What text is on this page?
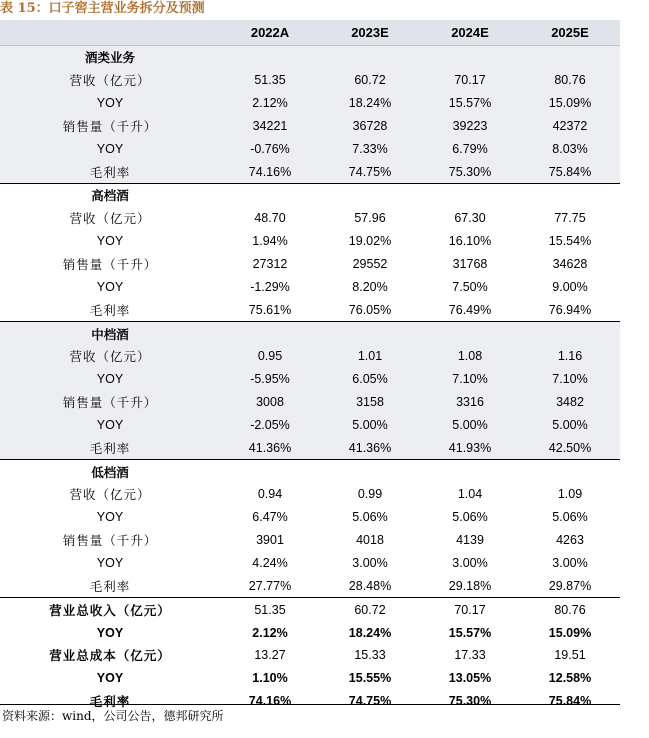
表 15：口子窖主营业务拆分及预测
2022A	2023E	2024E	2025E
酒类业务
营收（亿元）	51.35	60.72	70.17	80.76
YOY	2.12%	18.24%	15.57%	15.09%
销售量（千升）	34221	36728	39223	42372
YOY	-0.76%	7.33%	6.79%	8.03%
毛利率	74.16%	74.75%	75.30%	75.84%
高档酒
营收（亿元）	48.70	57.96	67.30	77.75
YOY	1.94%	19.02%	16.10%	15.54%
销售量（千升）	27312	29552	31768	34628
YOY	-1.29%	8.20%	7.50%	9.00%
毛利率	75.61%	76.05%	76.49%	76.94%
中档酒
营收（亿元）	0.95	1.01	1.08	1.16
YOY	-5.95%	6.05%	7.10%	7.10%
销售量（千升）	3008	3158	3316	3482
YOY	-2.05%	5.00%	5.00%	5.00%
毛利率	41.36%	41.36%	41.93%	42.50%
低档酒
营收（亿元）	0.94	0.99	1.04	1.09
YOY	6.47%	5.06%	5.06%	5.06%
销售量（千升）	3901	4018	4139	4263
YOY	4.24%	3.00%	3.00%	3.00%
毛利率	27.77%	28.48%	29.18%	29.87%
营业总收入（亿元）	51.35	60.72	70.17	80.76
YOY	2.12%	18.24%	15.57%	15.09%
营业总成本（亿元）	13.27	15.33	17.33	19.51
YOY	1.10%	15.55%	13.05%	12.58%
毛利率	74.16%	74.75%	75.30%	75.84%
资料来源：wind，公司公告，德邦研究所
